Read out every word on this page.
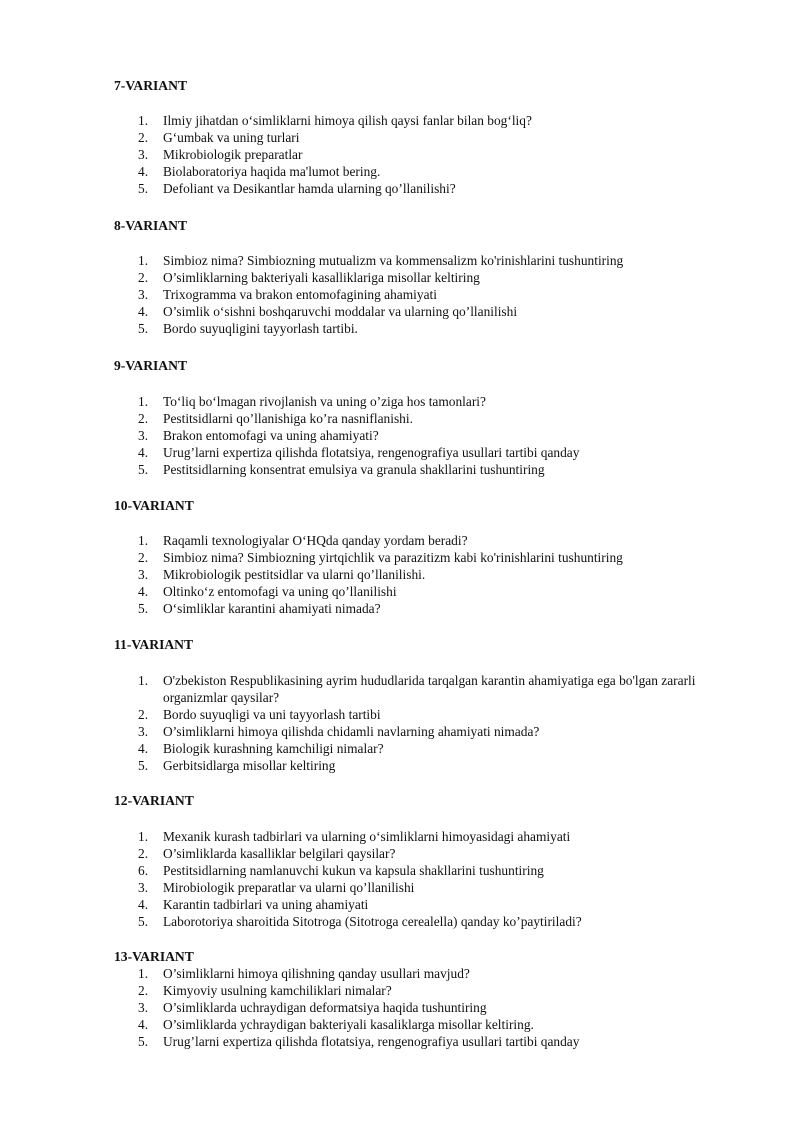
7-VARIANT
1. Ilmiy jihatdan o‘simliklarni himoya qilish qaysi fanlar bilan bog‘liq?
2. G‘umbak va uning turlari
3. Mikrobiologik preparatlar
4. Biolaboratoriya haqida ma'lumot bering.
5. Defoliant va Desikantlar hamda ularning qo’llanilishi?
8-VARIANT
1. Simbioz nima? Simbiozning mutualizm va kommensalizm ko'rinishlarini tushuntiring
2. O’simliklarning bakteriyali kasalliklariga misollar keltiring
3. Trixogramma va brakon entomofagining ahamiyati
4. O’simlik o‘sishni boshqaruvchi moddalar va ularning qo’llanilishi
5. Bordo suyuqligini tayyorlash tartibi.
9-VARIANT
1. To‘liq bo‘lmagan rivojlanish va uning o’ziga hos tamonlari?
2. Pestitsidlarni qo’llanishiga ko’ra nasniflanishi.
3. Brakon entomofagi va uning ahamiyati?
4. Urug’larni expertiza qilishda flotatsiya, rengenografiya usullari tartibi qanday
5. Pestitsidlarning konsentrat emulsiya va granula shakllarini tushuntiring
10-VARIANT
1. Raqamli texnologiyalar O‘HQda qanday yordam beradi?
2. Simbioz nima? Simbiozning yirtqichlik va parazitizm kabi ko'rinishlarini tushuntiring
3. Mikrobiologik pestitsidlar va ularni qo’llanilishi.
4. Oltinko‘z entomofagi va uning qo’llanilishi
5. O‘simliklar karantini ahamiyati nimada?
11-VARIANT
1. O'zbekiston Respublikasining ayrim hududlarida tarqalgan karantin ahamiyatiga ega bo'lgan zararli organizmlar qaysilar?
2. Bordo suyuqligi va uni tayyorlash tartibi
3. O’simliklarni himoya qilishda chidamli navlarning ahamiyati nimada?
4. Biologik kurashning kamchiligi nimalar?
5. Gerbitsidlarga misollar keltiring
12-VARIANT
1. Mexanik kurash tadbirlari va ularning o‘simliklarni himoyasidagi ahamiyati
2. O’simliklarda kasalliklar belgilari qaysilar?
6. Pestitsidlarning namlanuvchi kukun va kapsula shakllarini tushuntiring
3. Mirobiologik preparatlar va ularni qo’llanilishi
4. Karantin tadbirlari va uning ahamiyati
5. Laborotoriya sharoitida Sitotroga (Sitotroga cerealella) qanday ko’paytiriladi?
13-VARIANT
1. O’simliklarni himoya qilishning qanday usullari mavjud?
2. Kimyoviy usulning kamchiliklari nimalar?
3. O’simliklarda uchraydigan deformatsiya haqida tushuntiring
4. O’simliklarda ychraydigan bakteriyali kasaliklarga misollar keltiring.
5. Urug’larni expertiza qilishda flotatsiya, rengenografiya usullari tartibi qanday
